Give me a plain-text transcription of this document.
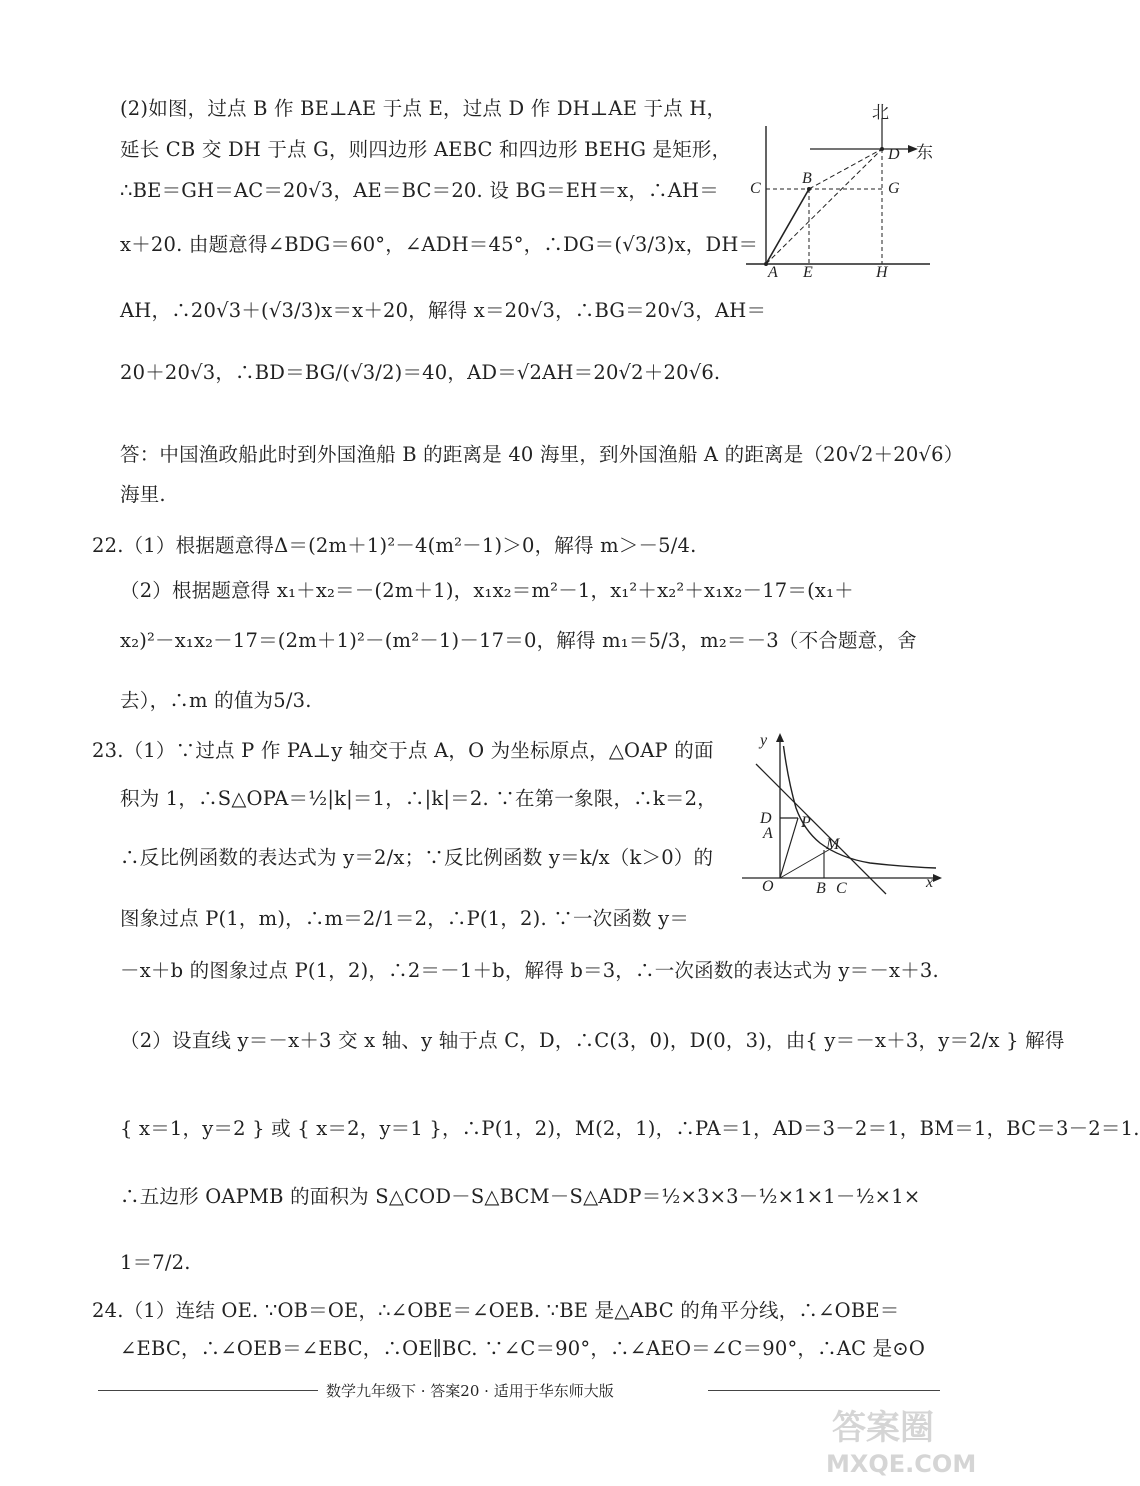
(2)如图，过点 B 作 BE⊥AE 于点 E，过点 D 作 DH⊥AE 于点 H，
延长 CB 交 DH 于点 G，则四边形 AEBC 和四边形 BEHG 是矩形，
∴BE＝GH＝AC＝20√3，AE＝BC＝20. 设 BG＝EH＝x，∴AH＝
x＋20. 由题意得∠BDG＝60°，∠ADH＝45°，∴DG＝(√3/3)x，DH＝
AH，∴20√3＋(√3/3)x＝x＋20，解得 x＝20√3，∴BG＝20√3，AH＝
20＋20√3，∴BD＝BG/(√3/2)＝40，AD＝√2AH＝20√2＋20√6.
答：中国渔政船此时到外国渔船 B 的距离是 40 海里，到外国渔船 A 的距离是（20√2＋20√6）
海里.
22.（1）根据题意得Δ＝(2m＋1)²－4(m²－1)＞0，解得 m＞－5/4.
（2）根据题意得 x₁＋x₂＝－(2m＋1)，x₁x₂＝m²－1，x₁²＋x₂²＋x₁x₂－17＝(x₁＋
x₂)²－x₁x₂－17＝(2m＋1)²－(m²－1)－17＝0，解得 m₁＝5/3，m₂＝－3（不合题意，舍
去），∴m 的值为5/3.
23.（1）∵过点 P 作 PA⊥y 轴交于点 A，O 为坐标原点，△OAP 的面
积为 1，∴S△OPA＝½|k|＝1，∴|k|＝2. ∵在第一象限，∴k＝2，
∴反比例函数的表达式为 y＝2/x；∵反比例函数 y＝k/x（k＞0）的
图象过点 P(1，m)，∴m＝2/1＝2，∴P(1，2). ∵一次函数 y＝
－x＋b 的图象过点 P(1，2)，∴2＝－1＋b，解得 b＝3，∴一次函数的表达式为 y＝－x＋3.
（2）设直线 y＝－x＋3 交 x 轴、y 轴于点 C，D，∴C(3，0)，D(0，3)，由{ y＝－x＋3，y＝2/x } 解得
{ x＝1，y＝2 } 或 { x＝2，y＝1 }，∴P(1，2)，M(2，1)，∴PA＝1，AD＝3－2＝1，BM＝1，BC＝3－2＝1.
∴五边形 OAPMB 的面积为 S△COD－S△BCM－S△ADP＝½×3×3－½×1×1－½×1×
1＝7/2.
24.（1）连结 OE. ∵OB＝OE，∴∠OBE＝∠OEB. ∵BE 是△ABC 的角平分线，∴∠OBE＝
∠EBC，∴∠OEB＝∠EBC，∴OE∥BC. ∵∠C＝90°，∴∠AEO＝∠C＝90°，∴AC 是⊙O
北
东
C
B
G
D
A E	H
y
x
O
D
A
P
M
B C
数学九年级下 · 答案20 · 适用于华东师大版
答案圈
MXQE.COM
